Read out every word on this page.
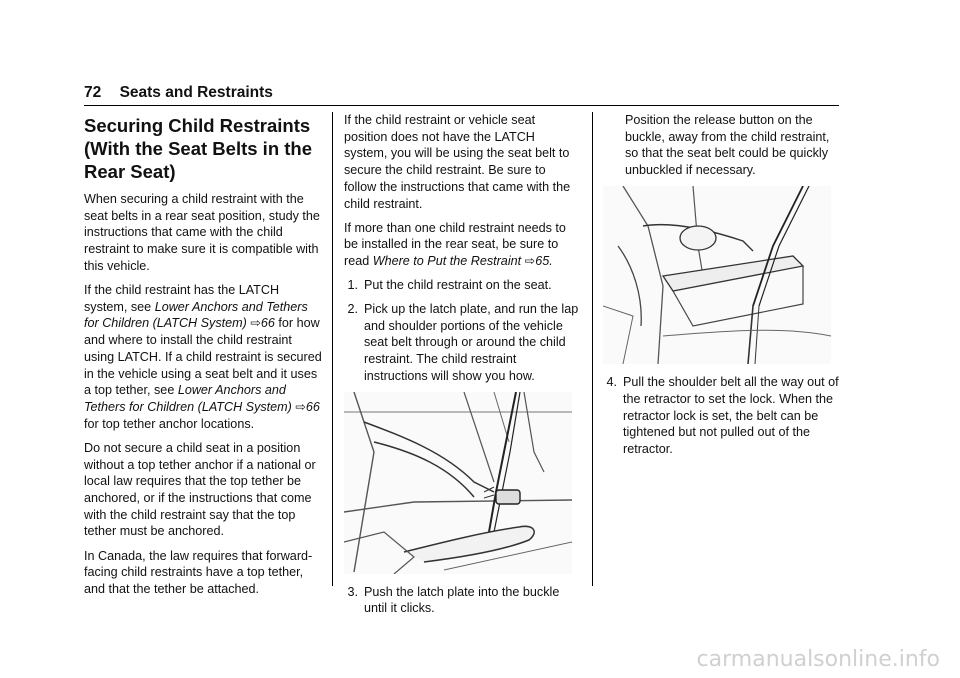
72 Seats and Restraints
Securing Child Restraints (With the Seat Belts in the Rear Seat)

When securing a child restraint with the seat belts in a rear seat position, study the instructions that came with the child restraint to make sure it is compatible with this vehicle.

If the child restraint has the LATCH system, see Lower Anchors and Tethers for Children (LATCH System) ⇨66 for how and where to install the child restraint using LATCH. If a child restraint is secured in the vehicle using a seat belt and it uses a top tether, see Lower Anchors and Tethers for Children (LATCH System) ⇨66 for top tether anchor locations.

Do not secure a child seat in a position without a top tether anchor if a national or local law requires that the top tether be anchored, or if the instructions that come with the child restraint say that the top tether must be anchored.

In Canada, the law requires that forward-facing child restraints have a top tether, and that the tether be attached.

If the child restraint or vehicle seat position does not have the LATCH system, you will be using the seat belt to secure the child restraint. Be sure to follow the instructions that came with the child restraint.

If more than one child restraint needs to be installed in the rear seat, be sure to read Where to Put the Restraint ⇨65.

1. Put the child restraint on the seat.
2. Pick up the latch plate, and run the lap and shoulder portions of the vehicle seat belt through or around the child restraint. The child restraint instructions will show you how.
3. Push the latch plate into the buckle until it clicks.

Position the release button on the buckle, away from the child restraint, so that the seat belt could be quickly unbuckled if necessary.

4. Pull the shoulder belt all the way out of the retractor to set the lock. When the retractor lock is set, the belt can be tightened but not pulled out of the retractor.
carmanualsonline.info
